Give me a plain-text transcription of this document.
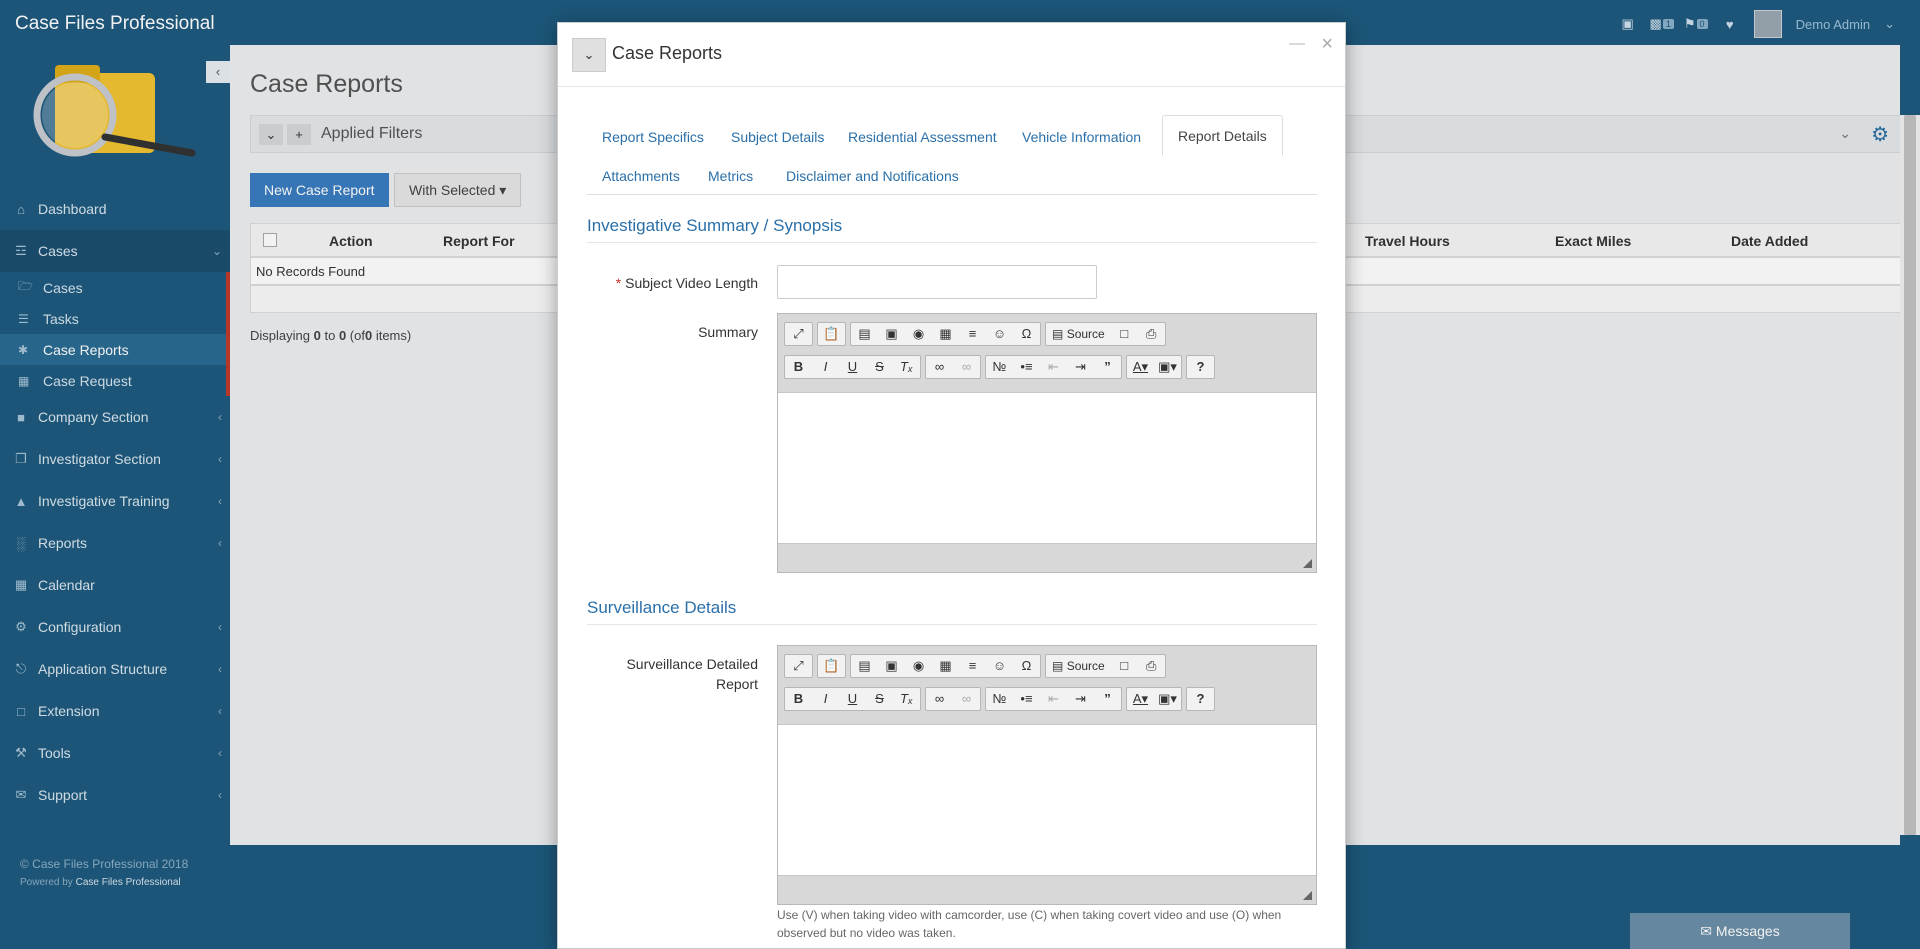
Case Files Professional	▣ ▩ 1 ⚑ 0	♥	Demo Admin ⌄
‹
⌂ Dashboard
☲ Cases	⌄
🗁 Cases
☰	Tasks
✱	Case Reports
▦ Case Request
■ Company Section	‹
❐ Investigator Section	‹
▲ Investigative Training	‹
░ Reports	‹
▦ Calendar
⚙ Configuration	‹
⎋ Application Structure	‹
□ Extension	‹
⚒ Tools	‹
✉ Support	‹
© Case Files Professional 2018
Powered by Case Files Professional
Case Reports
⌄	+	Applied Filters	⌄ ⚙
New Case Report	With Selected ▾
Action	Report For	Travel Hours	Exact Miles	Date Added
No Records Found
Displaying 0 to 0 (of0 items)
✉ Messages
⌄ Case Reports	— ×
Report Specifics	Subject Details	Residential Assessment	Vehicle Information	Report Details
Attachments	Metrics	Disclaimer and Notifications
Investigative Summary / Synopsis
* Subject Video Length
Summary	⤢	📋	▤	▣	◉	▦	≡	☺	Ω	▤ Source	□	⎙
B	I	U	S	Tₓ	∞	∞	№	•≡	⇤	⇥	”	A▾ ▣▾	?
Surveillance Details
Surveillance Detailed
Report
⤢	📋	▤	▣	◉	▦	≡	☺	Ω	▤ Source	□	⎙
B	I	U	S	Tₓ	∞	∞	№	•≡	⇤	⇥	”	A▾ ▣▾	?
Use (V) when taking video with camcorder, use (C) when taking covert video and use (O) when observed but no video was taken.
